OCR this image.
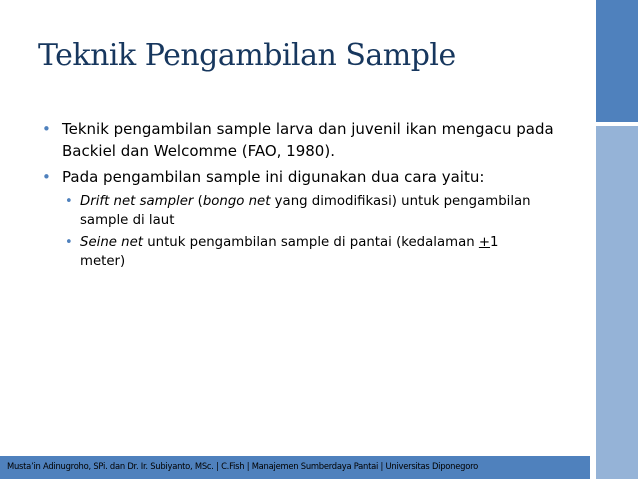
Teknik Pengambilan Sample
• Teknik pengambilan sample larva dan juvenil ikan mengacu pada Backiel dan Welcomme (FAO, 1980).
• Pada pengambilan sample ini digunakan dua cara yaitu:
• Drift net sampler (bongo net yang dimodifikasi) untuk pengambilan sample di laut
• Seine net untuk pengambilan sample di pantai (kedalaman +1 meter)
Musta’in Adinugroho, SPi. dan Dr. Ir. Subiyanto, MSc. | C.Fish | Manajemen Sumberdaya Pantai | Universitas Diponegoro
